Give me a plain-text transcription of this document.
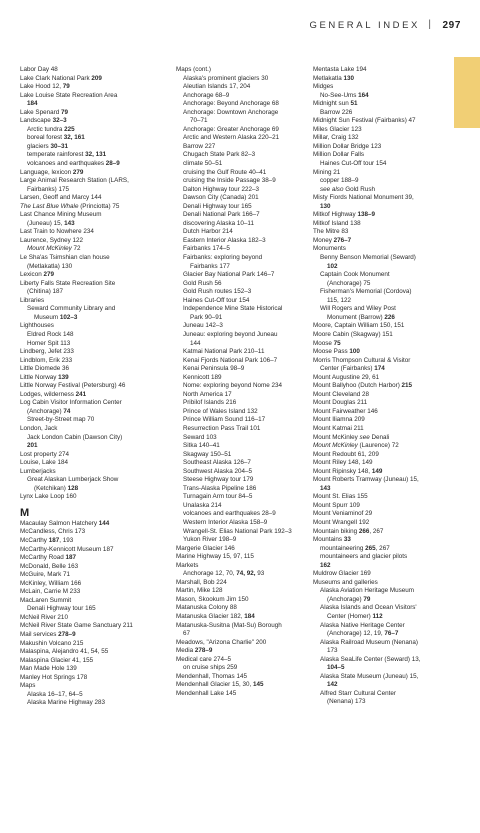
GENERAL INDEX | 297
Labor Day 48
Lake Clark National Park 209
Lake Hood 12, 79
Lake Louise State Recreation Area
184
Lake Spenard 79
Landscape 32–3
Arctic tundra 225
boreal forest 32, 161
glaciers 30–31
temperate rainforest 32, 131
volcanoes and earthquakes 28–9
Language, lexicon 279
Large Animal Research Station (LARS,
Fairbanks) 175
Larsen, Geoff and Marcy 144
The Last Blue Whale (Princiotta) 75
Last Chance Mining Museum
(Juneau) 15, 143
Last Train to Nowhere 234
Laurence, Sydney 122
Mount McKinley 72
Le Sha'as Tsimshian clan house
(Metlakatla) 130
Lexicon 279
Liberty Falls State Recreation Site
(Chitina) 187
Libraries
Seward Community Library and
Museum 102–3
Lighthouses
Eldred Rock 148
Homer Spit 113
Lindberg, Jefet 233
Lindblom, Erik 233
Little Diomede 36
Little Norway 139
Little Norway Festival (Petersburg) 46
Lodges, wilderness 241
Log Cabin Visitor Information Center
(Anchorage) 74
Street-by-Street map 70
London, Jack
Jack London Cabin (Dawson City)
201
Lost property 274
Louise, Lake 184
Lumberjacks
Great Alaskan Lumberjack Show
(Ketchikan) 128
Lynx Lake Loop 160
M
Macaulay Salmon Hatchery 144
McCandless, Chris 173
McCarthy 187, 193
McCarthy-Kennicott Museum 187
McCarthy Road 187
McDonald, Belle 163
McGuire, Mark 71
McKinley, William 166
McLain, Carrie M 233
MacLaren Summit
Denali Highway tour 165
McNeil River 210
McNeil River State Game Sanctuary 211
Mail services 278–9
Makushin Volcano 215
Malaspina, Alejandro 41, 54, 55
Malaspina Glacier 41, 155
Man Made Hole 139
Manley Hot Springs 178
Maps
Alaska 16–17, 64–5
Alaska Marine Highway 283
Maps (cont.)
Alaska's prominent glaciers 30
Aleutian Islands 17, 204
Anchorage 68–9
Anchorage: Beyond Anchorage 68
Anchorage: Downtown Anchorage
70–71
Anchorage: Greater Anchorage 69
Arctic and Western Alaska 220–21
Barrow 227
Chugach State Park 82–3
climate 50–51
cruising the Gulf Route 40–41
cruising the Inside Passage 38–9
Dalton Highway tour 222–3
Dawson City (Canada) 201
Denali Highway tour 165
Denali National Park 166–7
discovering Alaska 10–11
Dutch Harbor 214
Eastern Interior Alaska 182–3
Fairbanks 174–5
Fairbanks: exploring beyond
Fairbanks 177
Glacier Bay National Park 146–7
Gold Rush 56
Gold Rush routes 152–3
Haines Cut-Off tour 154
Independence Mine State Historical
Park 90–91
Juneau 142–3
Juneau: exploring beyond Juneau
144
Katmai National Park 210–11
Kenai Fjords National Park 106–7
Kenai Peninsula 98–9
Kennicott 189
Nome: exploring beyond Nome 234
North America 17
Pribilof Islands 216
Prince of Wales Island 132
Prince William Sound 116–17
Resurrection Pass Trail 101
Seward 103
Sitka 140–41
Skagway 150–51
Southeast Alaska 126–7
Southwest Alaska 204–5
Steese Highway tour 179
Trans-Alaska Pipeline 186
Turnagain Arm tour 84–5
Unalaska 214
volcanoes and earthquakes 28–9
Western Interior Alaska 158–9
Wrangell-St. Elias National Park 192–3
Yukon River 198–9
Margerie Glacier 146
Marine Highway 15, 97, 115
Markets
Anchorage 12, 70, 74, 92, 93
Marshall, Bob 224
Martin, Mike 128
Mason, Skookum Jim 150
Matanuska Colony 88
Matanuska Glacier 182, 184
Matanuska-Susitna (Mat-Su) Borough
67
Meadows, "Arizona Charlie" 200
Media 278–9
Medical care 274–5
on cruise ships 259
Mendenhall, Thomas 145
Mendenhall Glacier 15, 30, 145
Mendenhall Lake 145
Mentasta Lake 194
Metlakatla 130
Midges
No-See-Ums 164
Midnight sun 51
Barrow 226
Midnight Sun Festival (Fairbanks) 47
Miles Glacier 123
Millar, Craig 132
Million Dollar Bridge 123
Million Dollar Falls
Haines Cut-Off tour 154
Mining 21
copper 188–9
see also Gold Rush
Misty Fiords National Monument 39,
130
Mitkof Highway 138–9
Mitkof Island 138
The Mitre 83
Money 276–7
Monuments
Benny Benson Memorial (Seward)
102
Captain Cook Monument
(Anchorage) 75
Fisherman's Memorial (Cordova)
115, 122
Will Rogers and Wiley Post
Monument (Barrow) 226
Moore, Captain William 150, 151
Moore Cabin (Skagway) 151
Moose 75
Moose Pass 100
Morris Thompson Cultural & Visitor
Center (Fairbanks) 174
Mount Augustine 29, 61
Mount Ballyhoo (Dutch Harbor) 215
Mount Cleveland 28
Mount Douglas 211
Mount Fairweather 146
Mount Iliamna 209
Mount Katmai 211
Mount McKinley see Denali
Mount McKinley (Laurence) 72
Mount Redoubt 61, 209
Mount Riley 148, 149
Mount Ripinsky 148, 149
Mount Roberts Tramway (Juneau) 15,
143
Mount St. Elias 155
Mount Spurr 109
Mount Veniaminof 29
Mount Wrangell 192
Mountain biking 266, 267
Mountains 33
mountaineering 265, 267
mountaineers and glacier pilots
162
Muldrow Glacier 169
Museums and galleries
Alaska Aviation Heritage Museum
(Anchorage) 79
Alaska Islands and Ocean Visitors'
Center (Homer) 112
Alaska Native Heritage Center
(Anchorage) 12, 19, 76–7
Alaska Railroad Museum (Nenana)
173
Alaska SeaLife Center (Seward) 13,
104–5
Alaska State Museum (Juneau) 15,
142
Alfred Starr Cultural Center
(Nenana) 173
